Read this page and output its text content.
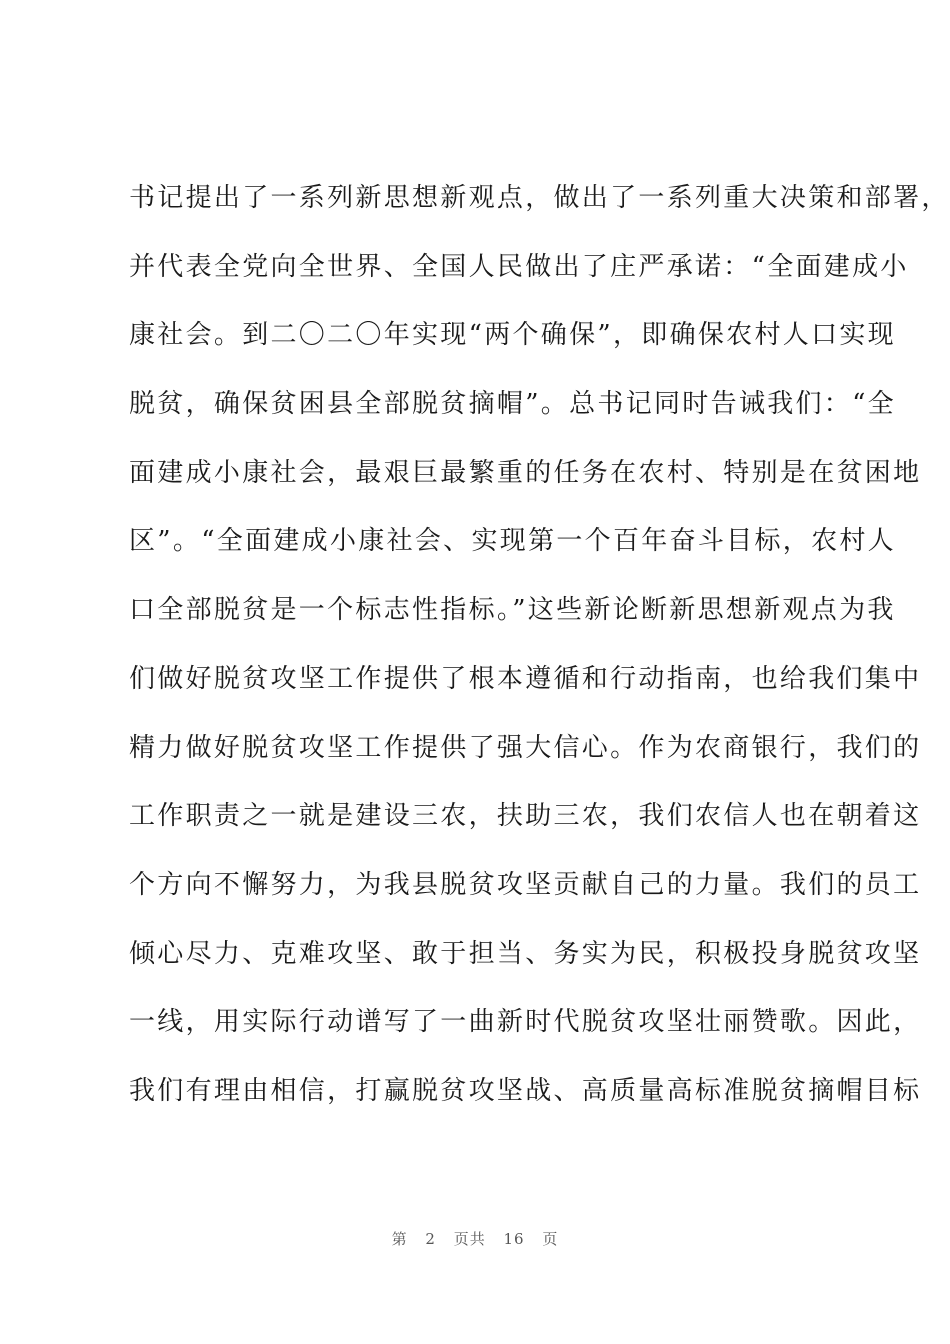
书记提出了一系列新思想新观点，做出了一系列重大决策和部署，
并代表全党向全世界、全国人民做出了庄严承诺：“全面建成小
康社会。到二〇二〇年实现“两个确保”，即确保农村人口实现
脱贫，确保贫困县全部脱贫摘帽”。总书记同时告诫我们：“全
面建成小康社会，最艰巨最繁重的任务在农村、特别是在贫困地
区”。“全面建成小康社会、实现第一个百年奋斗目标，农村人
口全部脱贫是一个标志性指标。”这些新论断新思想新观点为我
们做好脱贫攻坚工作提供了根本遵循和行动指南，也给我们集中
精力做好脱贫攻坚工作提供了强大信心。作为农商银行，我们的
工作职责之一就是建设三农，扶助三农，我们农信人也在朝着这
个方向不懈努力，为我县脱贫攻坚贡献自己的力量。我们的员工
倾心尽力、克难攻坚、敢于担当、务实为民，积极投身脱贫攻坚
一线，用实际行动谱写了一曲新时代脱贫攻坚壮丽赞歌。因此，
我们有理由相信，打赢脱贫攻坚战、高质量高标准脱贫摘帽目标
第 2 页共 16 页
